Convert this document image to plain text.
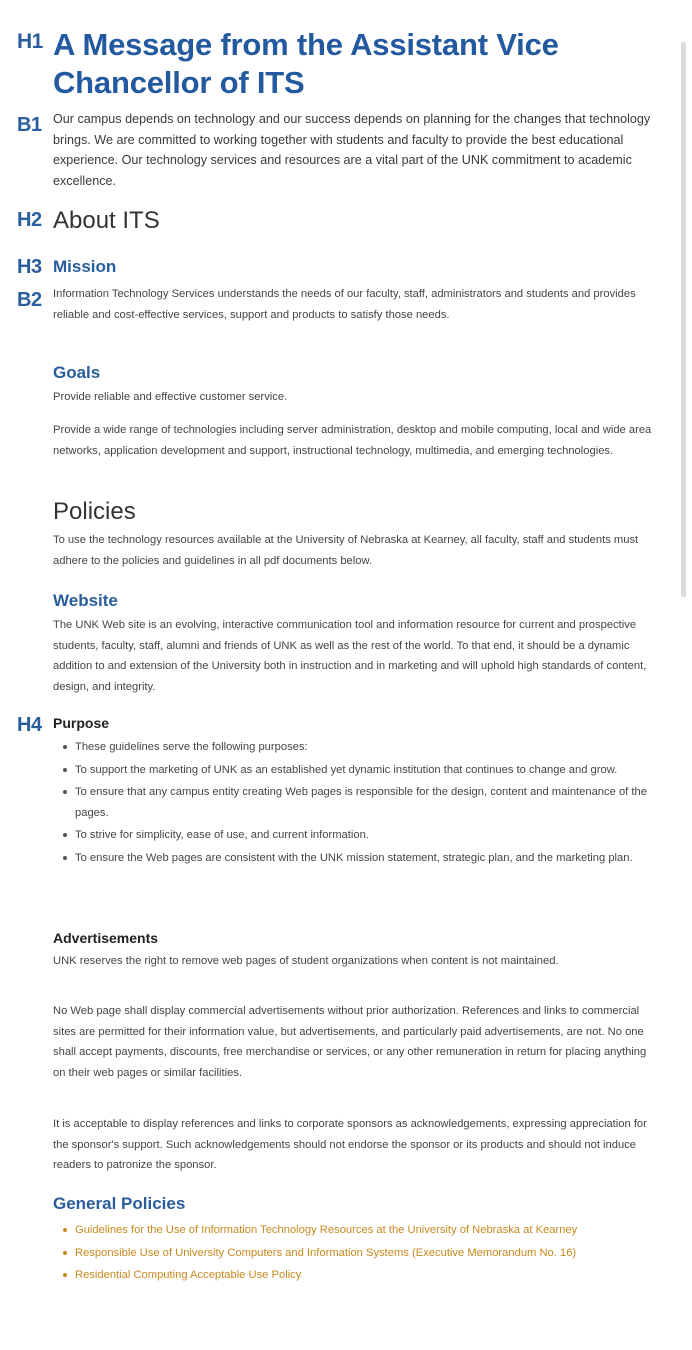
H1
B1
H2
H3
B2
H4
A Message from the Assistant Vice Chancellor of ITS

Our campus depends on technology and our success depends on planning for the changes that technology brings. We are committed to working together with students and faculty to provide the best educational experience. Our technology services and resources are a vital part of the UNK commitment to academic excellence.

About ITS
Mission

Information Technology Services understands the needs of our faculty, staff, administrators and students and provides reliable and cost-effective services, support and products to satisfy those needs.

Goals

Provide reliable and effective customer service.

Provide a wide range of technologies including server administration, desktop and mobile computing, local and wide area networks, application development and support, instructional technology, multimedia, and emerging technologies.

Policies

To use the technology resources available at the University of Nebraska at Kearney, all faculty, staff and students must adhere to the policies and guidelines in all pdf documents below.

Website

The UNK Web site is an evolving, interactive communication tool and information resource for current and prospective students, faculty, staff, alumni and friends of UNK as well as the rest of the world. To that end, it should be a dynamic addition to and extension of the University both in instruction and in marketing and will uphold high standards of content, design, and integrity.

Purpose
These guidelines serve the following purposes:
To support the marketing of UNK as an established yet dynamic institution that continues to change and grow.
To ensure that any campus entity creating Web pages is responsible for the design, content and maintenance of the pages.
To strive for simplicity, ease of use, and current information.
To ensure the Web pages are consistent with the UNK mission statement, strategic plan, and the marketing plan.
Advertisements

UNK reserves the right to remove web pages of student organizations when content is not maintained.

No Web page shall display commercial advertisements without prior authorization. References and links to commercial sites are permitted for their information value, but advertisements, and particularly paid advertisements, are not. No one shall accept payments, discounts, free merchandise or services, or any other remuneration in return for placing anything on their web pages or similar facilities.

It is acceptable to display references and links to corporate sponsors as acknowledgements, expressing appreciation for the sponsor's support. Such acknowledgements should not endorse the sponsor or its products and should not induce readers to patronize the sponsor.

General Policies
Guidelines for the Use of Information Technology Resources at the University of Nebraska at Kearney
Responsible Use of University Computers and Information Systems (Executive Memorandum No. 16)
Residential Computing Acceptable Use Policy
